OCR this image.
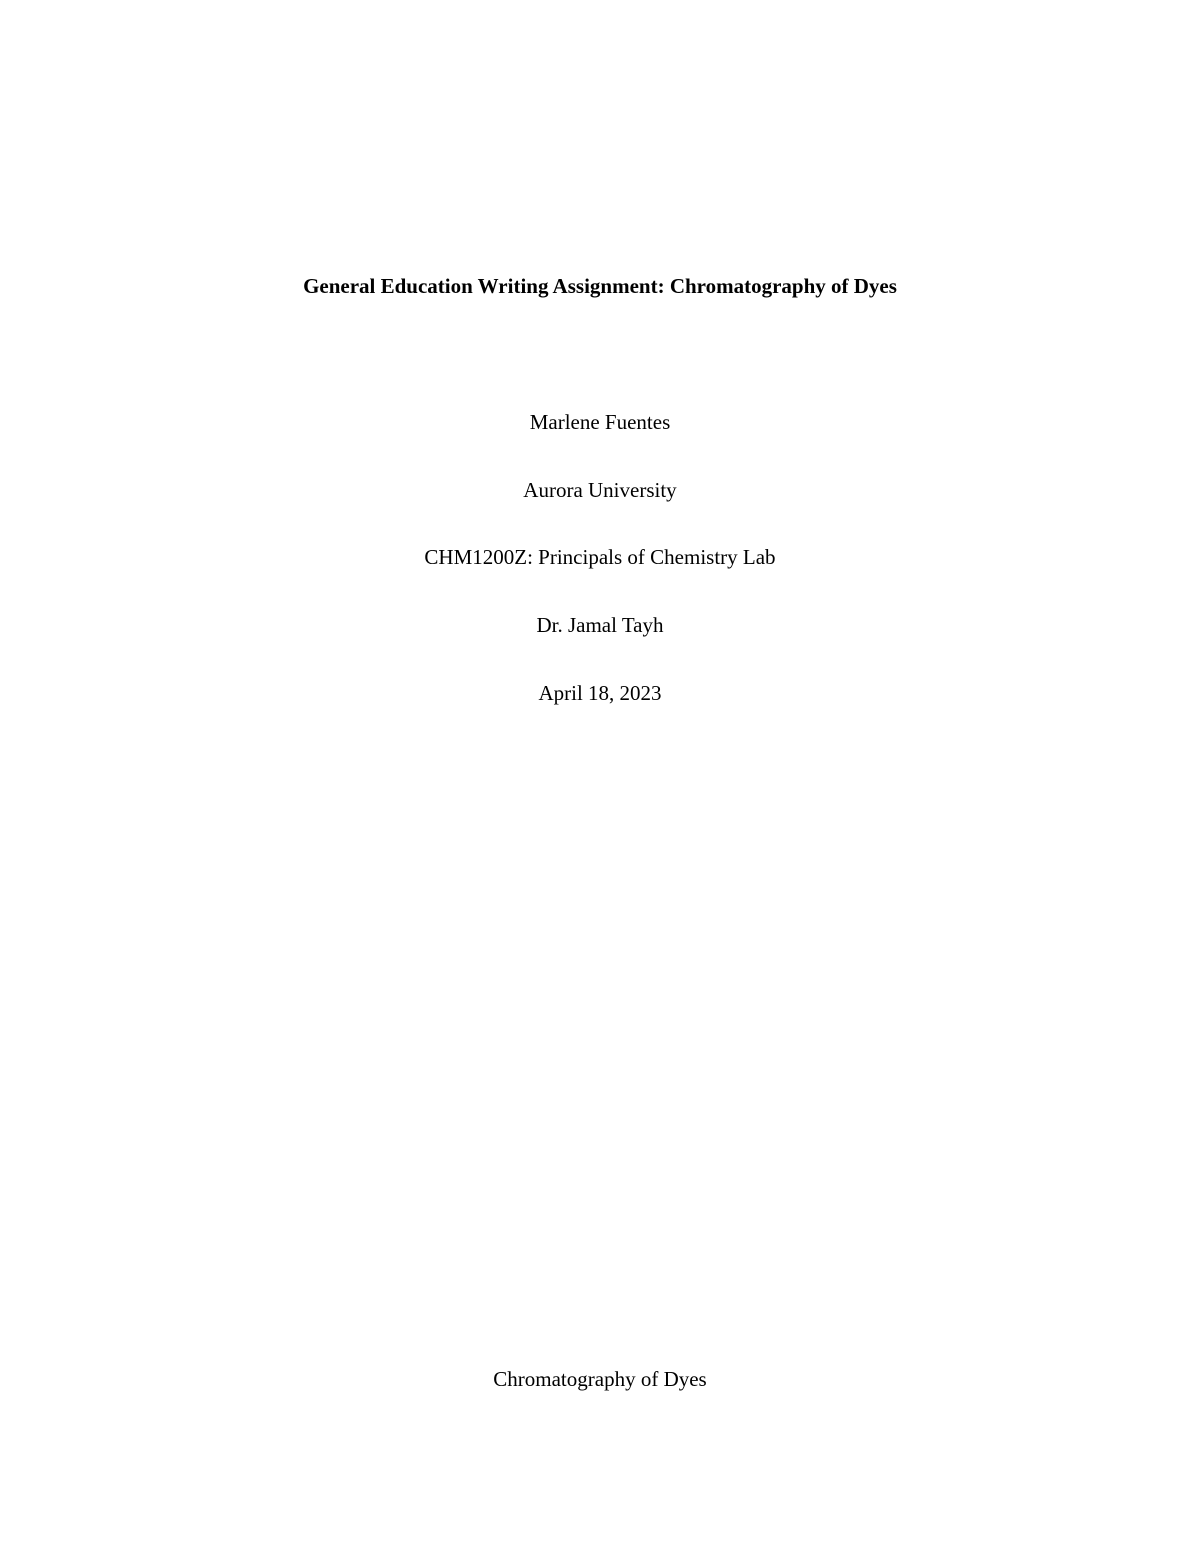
General Education Writing Assignment: Chromatography of Dyes
Marlene Fuentes
Aurora University
CHM1200Z: Principals of Chemistry Lab
Dr. Jamal Tayh
April 18, 2023
Chromatography of Dyes
